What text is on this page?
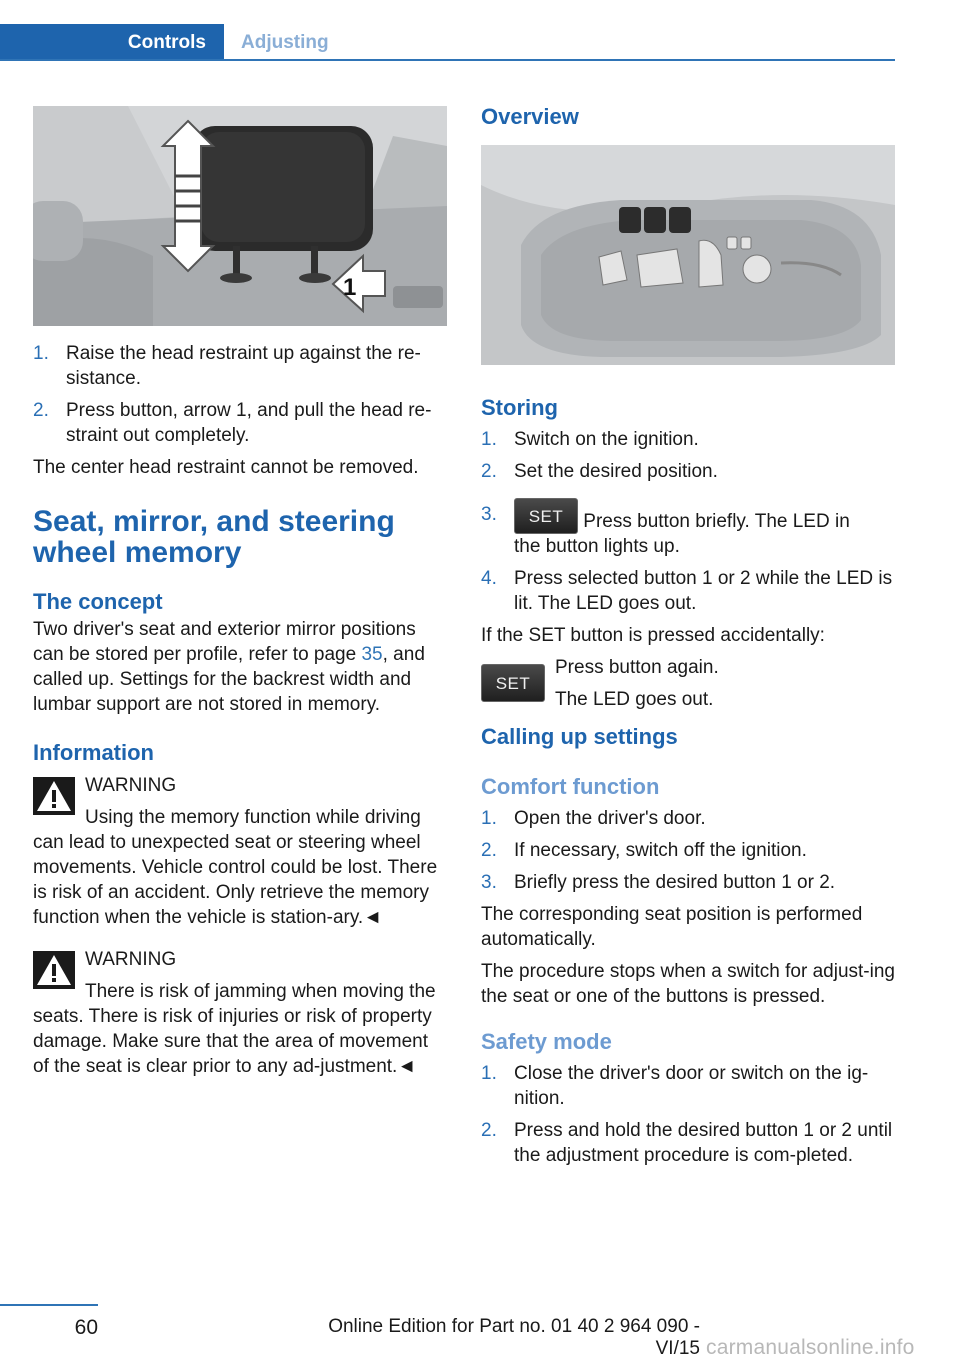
Controls	Adjusting
1
1. Raise the head restraint up against the re‐sistance.
2. Press button, arrow 1, and pull the head re‐straint out completely.

The center head restraint cannot be removed.

Seat, mirror, and steering wheel memory
The concept

Two driver's seat and exterior mirror positions can be stored per profile, refer to page 35, and called up. Settings for the backrest width and lumbar support are not stored in memory.

Information
WARNING
Using the memory function while driving can lead to unexpected seat or steering wheel movements. Vehicle control could be lost. There is risk of an accident. Only retrieve the memory function when the vehicle is station‐ary.◄
WARNING
There is risk of jamming when moving the seats. There is risk of injuries or risk of property damage. Make sure that the area of movement of the seat is clear prior to any ad‐justment.◄
Overview
Storing
1. Switch on the ignition.
2. Set the desired position.
3.	SET Press button briefly. The LED in
the button lights up.
4. Press selected button 1 or 2 while the LED is lit. The LED goes out.

If the SET button is pressed accidentally:

SET
Press button again.
The LED goes out.
Calling up settings
Comfort function
1. Open the driver's door.
2. If necessary, switch off the ignition.
3. Briefly press the desired button 1 or 2.

The corresponding seat position is performed automatically.

The procedure stops when a switch for adjust‐ing the seat or one of the buttons is pressed.

Safety mode
1. Close the driver's door or switch on the ig‐nition.
2. Press and hold the desired button 1 or 2 until the adjustment procedure is com‐pleted.
60	Online Edition for Part no. 01 40 2 964 090 - VI/15 carmanualsonline.info
